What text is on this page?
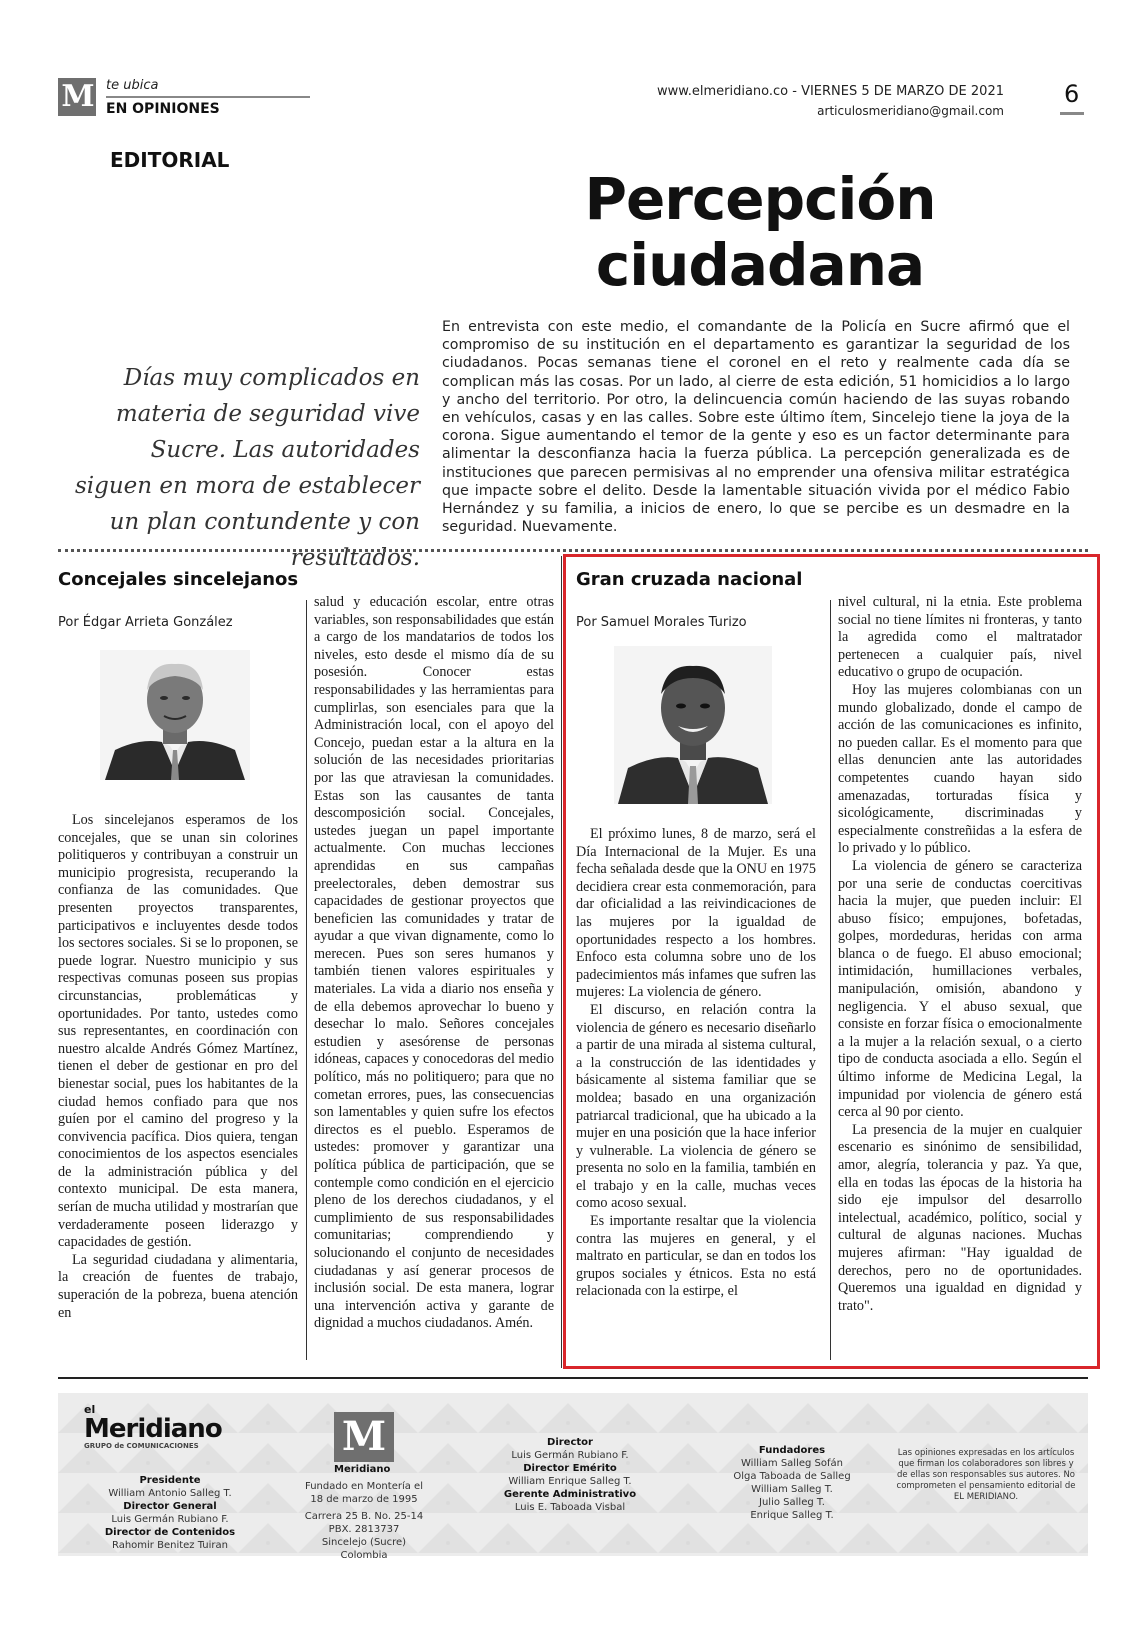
M te ubica
EN OPINIONES
www.elmeridiano.co - VIERNES 5 DE MARZO DE 2021
articulosmeridiano@gmail.com
6
EDITORIAL
Percepción
ciudadana
Días muy complicados en materia de seguridad vive Sucre. Las autoridades siguen en mora de establecer un plan contundente y con resultados.
En entrevista con este medio, el comandante de la Policía en Sucre afirmó que el compromiso de su institución en el departamento es garantizar la seguridad de los ciudadanos. Pocas semanas tiene el coronel en el reto y realmente cada día se complican más las cosas. Por un lado, al cierre de esta edición, 51 homicidios a lo largo y ancho del territorio. Por otro, la delincuencia común haciendo de las suyas robando en vehículos, casas y en las calles. Sobre este último ítem, Sincelejo tiene la joya de la corona. Sigue aumentando el temor de la gente y eso es un factor determinante para alimentar la desconfianza hacia la fuerza pública. La percepción generalizada es de instituciones que parecen permisivas al no emprender una ofensiva militar estratégica que impacte sobre el delito. Desde la lamentable situación vivida por el médico Fabio Hernández y su familia, a inicios de enero, lo que se percibe es un desmadre en la seguridad. Nuevamente.
Concejales sincelejanos
Por Édgar Arrieta González

Los sincelejanos esperamos de los concejales, que se unan sin colorines politiqueros y contribuyan a construir un municipio progresista, recuperando la confianza de las comunidades. Que presenten proyectos transparentes, participativos e incluyentes desde todos los sectores sociales. Si se lo proponen, se puede lograr. Nuestro municipio y sus respectivas comunas poseen sus propias circunstancias, problemáticas y oportunidades. Por tanto, ustedes como sus representantes, en coordinación con nuestro alcalde Andrés Gómez Martínez, tienen el deber de gestionar en pro del bienestar social, pues los habitantes de la ciudad hemos confiado para que nos guíen por el camino del progreso y la convivencia pacífica. Dios quiera, tengan conocimientos de los aspectos esenciales de la administración pública y del contexto municipal. De esta manera, serían de mucha utilidad y mostrarían que verdaderamente poseen liderazgo y capacidades de gestión.

La seguridad ciudadana y alimentaria, la creación de fuentes de trabajo, superación de la pobreza, buena atención en

salud y educación escolar, entre otras variables, son responsabilidades que están a cargo de los mandatarios de todos los niveles, esto desde el mismo día de su posesión. Conocer estas responsabilidades y las herramientas para cumplirlas, son esenciales para que la Administración local, con el apoyo del Concejo, puedan estar a la altura en la solución de las necesidades prioritarias por las que atraviesan la comunidades. Estas son las causantes de tanta descomposición social. Concejales, ustedes juegan un papel importante actualmente. Con muchas lecciones aprendidas en sus campañas preelectorales, deben demostrar sus capacidades de gestionar proyectos que beneficien las comunidades y tratar de ayudar a que vivan dignamente, como lo merecen. Pues son seres humanos y también tienen valores espirituales y materiales. La vida a diario nos enseña y de ella debemos aprovechar lo bueno y desechar lo malo. Señores concejales estudien y asesórense de personas idóneas, capaces y conocedoras del medio político, más no politiquero; para que no cometan errores, pues, las consecuencias son lamentables y quien sufre los efectos directos es el pueblo. Esperamos de ustedes: promover y garantizar una política pública de participación, que se contemple como condición en el ejercicio pleno de los derechos ciudadanos, y el cumplimiento de sus responsabilidades comunitarias; comprendiendo y solucionando el conjunto de necesidades ciudadanas y así generar procesos de inclusión social. De esta manera, lograr una intervención activa y garante de dignidad a muchos ciudadanos. Amén.

Gran cruzada nacional
Por Samuel Morales Turizo

El próximo lunes, 8 de marzo, será el Día Internacional de la Mujer. Es una fecha señalada desde que la ONU en 1975 decidiera crear esta conmemoración, para dar oficialidad a las reivindicaciones de las mujeres por la igualdad de oportunidades respecto a los hombres. Enfoco esta columna sobre uno de los padecimientos más infames que sufren las mujeres: La violencia de género.

El discurso, en relación contra la violencia de género es necesario diseñarlo a partir de una mirada al sistema cultural, a la construcción de las identidades y básicamente al sistema familiar que se moldea; basado en una organización patriarcal tradicional, que ha ubicado a la mujer en una posición que la hace inferior y vulnerable. La violencia de género se presenta no solo en la familia, también en el trabajo y en la calle, muchas veces como acoso sexual.

Es importante resaltar que la violencia contra las mujeres en general, y el maltrato en particular, se dan en todos los grupos sociales y étnicos. Esta no está relacionada con la estirpe, el

nivel cultural, ni la etnia. Este problema social no tiene límites ni fronteras, y tanto la agredida como el maltratador pertenecen a cualquier país, nivel educativo o grupo de ocupación.

Hoy las mujeres colombianas con un mundo globalizado, donde el campo de acción de las comunicaciones es infinito, no pueden callar. Es el momento para que ellas denuncien ante las autoridades competentes cuando hayan sido amenazadas, torturadas física y sicológicamente, discriminadas y especialmente constreñidas a la esfera de lo privado y lo público.

La violencia de género se caracteriza por una serie de conductas coercitivas hacia la mujer, que pueden incluir: El abuso físico; empujones, bofetadas, golpes, mordeduras, heridas con arma blanca o de fuego. El abuso emocional; intimidación, humillaciones verbales, manipulación, omisión, abandono y negligencia. Y el abuso sexual, que consiste en forzar física o emocionalmente a la mujer a la relación sexual, o a cierto tipo de conducta asociada a ello. Según el último informe de Medicina Legal, la impunidad por violencia de género está cerca al 90 por ciento.

La presencia de la mujer en cualquier escenario es sinónimo de sensibilidad, amor, alegría, tolerancia y paz. Ya que, ella en todas las épocas de la historia ha sido eje impulsor del desarrollo intelectual, académico, político, social y cultural de algunas naciones. Muchas mujeres afirman: "Hay igualdad de derechos, pero no de oportunidades. Queremos una igualdad en dignidad y trato".

el
Meridiano
GRUPO de COMUNICACIONES
Presidente
William Antonio Salleg T.
Director General
Luis Germán Rubiano F.
Director de Contenidos
Rahomir Benitez Tuiran
M
Meridiano
Fundado en Montería el 18 de marzo de 1995
Carrera 25 B. No. 25-14
PBX. 2813737
Sincelejo (Sucre) Colombia
Director
Luis Germán Rubiano F.
Director Emérito
William Enrique Salleg T.
Gerente Administrativo
Luis E. Taboada Visbal
Fundadores
William Salleg Sofán
Olga Taboada de Salleg
William Salleg T.
Julio Salleg T.
Enrique Salleg T.
Las opiniones expresadas en los artículos que firman los colaboradores son libres y de ellas son responsables sus autores. No comprometen el pensamiento editorial de EL MERIDIANO.
